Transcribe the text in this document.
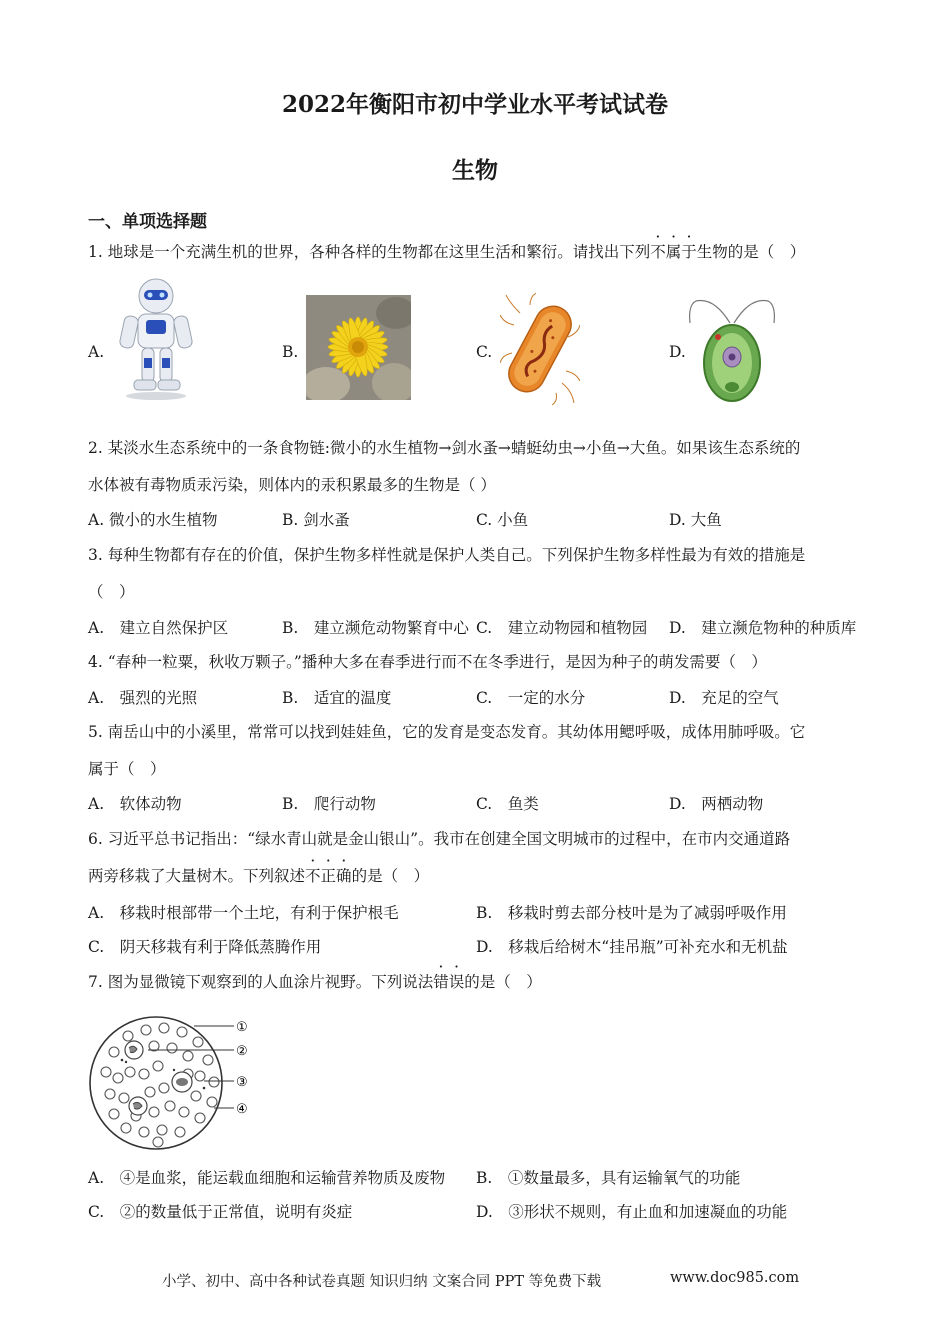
2022年衡阳市初中学业水平考试试卷
生物
一、单项选择题
1. 地球是一个充满生机的世界，各种各样的生物都在这里生活和繁衍。请找出下列不属于生物的是（　）
A.	B.	C.	D.
2. 某淡水生态系统中的一条食物链:微小的水生植物→剑水蚤→蜻蜓幼虫→小鱼→大鱼。如果该生态系统的
水体被有毒物质汞污染，则体内的汞积累最多的生物是（ ）
A. 微小的水生植物	B. 剑水蚤	C. 小鱼	D. 大鱼
3. 每种生物都有存在的价值，保护生物多样性就是保护人类自己。下列保护生物多样性最为有效的措施是
（　）
A.　建立自然保护区	B.　建立濒危动物繁育中心 C.　建立动物园和植物园 D.　建立濒危物种的种质库
4. “春种一粒粟，秋收万颗子。”播种大多在春季进行而不在冬季进行，是因为种子的萌发需要（　）
A.　强烈的光照	B.　适宜的温度	C.　一定的水分	D.　充足的空气
5. 南岳山中的小溪里，常常可以找到娃娃鱼，它的发育是变态发育。其幼体用鳃呼吸，成体用肺呼吸。它
属于（　）
A.　软体动物	B.　爬行动物	C.　鱼类	D.　两栖动物
6. 习近平总书记指出：“绿水青山就是金山银山”。我市在创建全国文明城市的过程中，在市内交通道路
两旁移栽了大量树木。下列叙述不正确的是（　）
A.　移栽时根部带一个土坨，有利于保护根毛	B.　移栽时剪去部分枝叶是为了减弱呼吸作用
C.　阴天移栽有利于降低蒸腾作用	D.　移栽后给树木“挂吊瓶”可补充水和无机盐
7. 图为显微镜下观察到的人血涂片视野。下列说法错误的是（　）
①
②
③
④
A.　④是血浆，能运载血细胞和运输营养物质及废物 B.　①数量最多，具有运输氧气的功能
C.　②的数量低于正常值，说明有炎症	D.　③形状不规则，有止血和加速凝血的功能
小学、初中、高中各种试卷真题 知识归纳 文案合同 PPT 等免费下载	www.doc985.com
